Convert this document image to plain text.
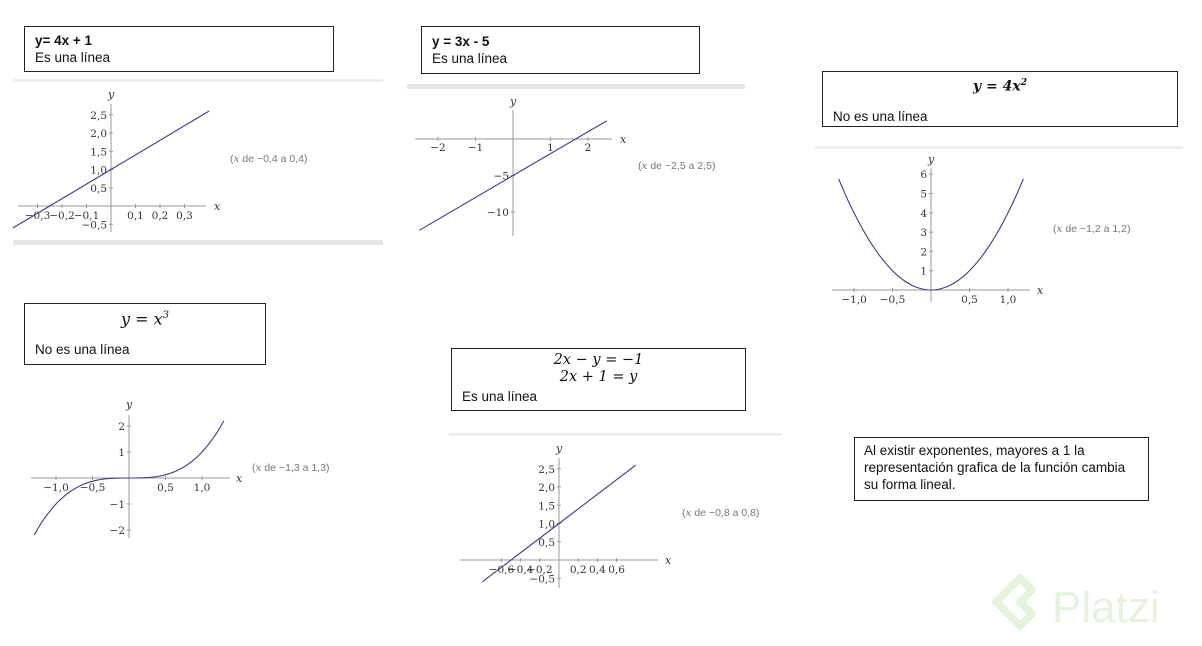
y= 4x + 1
Es una línea
y = 3x - 5
Es una línea
$y = 4x^2$
No es una línea
$y = x^3$
No es una línea
2x − y = −1
2x + 1 = y
Es una línea
Al existir exponentes, mayores a 1 la representación grafica de la función cambia su forma lineal.
x
y
−0,3 −0,2 −0,1	0,1 0,2 0,3
−0,5
0,5
1,0
1,5
2,0
2,5
x
y
−2 −1	1	2
−5
−10
x
y
−1,0 −0,5	0,5 1,0
1
2
3
4
5
6
x
y
−1,0 −0,5	0,5 1,0
−2
−1
1
2
x
y
−0,6
−0,4
−0,2 0,2 0,4 0,6
−0,5
0,5
1,0
1,5
2,0
2,5
(x de −0,4 a 0,4)
(x de −2,5 a 2,5)
(x de −1,2 a 1,2)
(x de −1,3 a 1,3)
(x de −0,8 a 0,8)
Platzi
